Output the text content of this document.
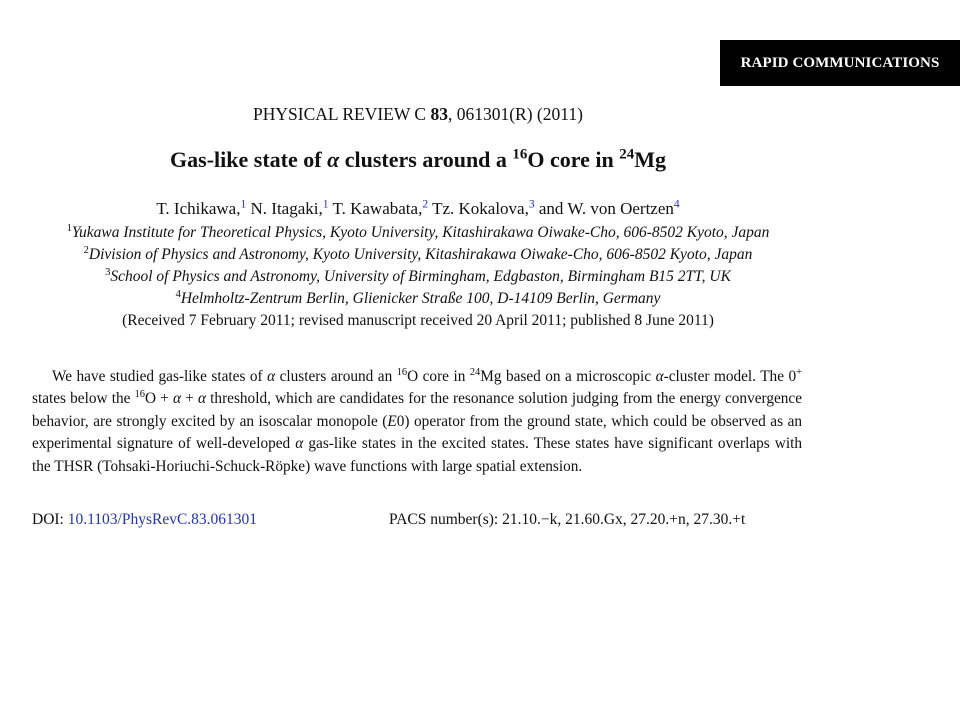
RAPID COMMUNICATIONS
PHYSICAL REVIEW C 83, 061301(R) (2011)
Gas-like state of α clusters around a $^{16}$O core in $^{24}$Mg
T. Ichikawa,$^1$ N. Itagaki,$^1$ T. Kawabata,$^2$ Tz. Kokalova,$^3$ and W. von Oertzen$^4$
$^1$Yukawa Institute for Theoretical Physics, Kyoto University, Kitashirakawa Oiwake-Cho, 606-8502 Kyoto, Japan
$^2$Division of Physics and Astronomy, Kyoto University, Kitashirakawa Oiwake-Cho, 606-8502 Kyoto, Japan
$^3$School of Physics and Astronomy, University of Birmingham, Edgbaston, Birmingham B15 2TT, UK
$^4$Helmholtz-Zentrum Berlin, Glienicker Straße 100, D-14109 Berlin, Germany
(Received 7 February 2011; revised manuscript received 20 April 2011; published 8 June 2011)

We have studied gas-like states of α clusters around an $^{16}$O core in $^{24}$Mg based on a microscopic α-cluster model. The 0+ states below the $^{16}$O + α + α threshold, which are candidates for the resonance solution judging from the energy convergence behavior, are strongly excited by an isoscalar monopole (E0) operator from the ground state, which could be observed as an experimental signature of well-developed α gas-like states in the excited states. These states have significant overlaps with the THSR (Tohsaki-Horiuchi-Schuck-Röpke) wave functions with large spatial extension.

DOI: 10.1103/PhysRevC.83.061301	PACS number(s): 21.10.−k, 21.60.Gx, 27.20.+n, 27.30.+t
